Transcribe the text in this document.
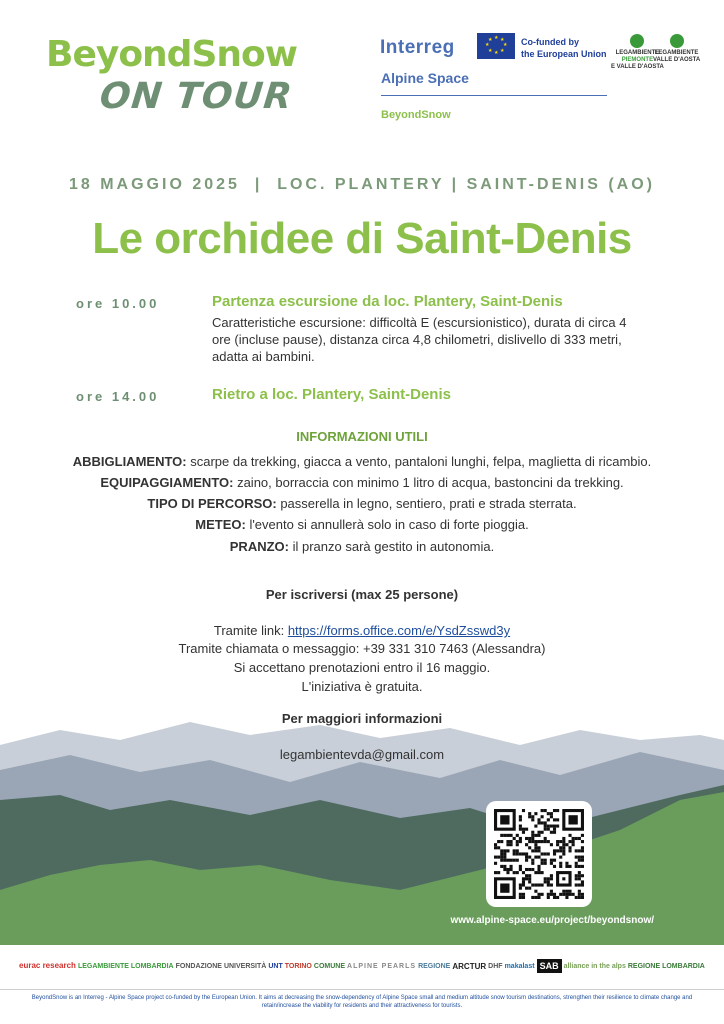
BeyondSnow
ON TOUR
Interreg	★ ★
★
★
★
★
★
★	Co-funded by
the European Union
Alpine Space
BeyondSnow
LEGAMBIENTE
PIEMONTE
E VALLE D'AOSTA
LEGAMBIENTE
VALLE D'AOSTA
18 MAGGIO 2025  |  LOC. PLANTERY | SAINT-DENIS (AO)
Le orchidee di Saint-Denis
ore 10.00	Partenza escursione da loc. Plantery, Saint-Denis
Caratteristiche escursione: difficoltà E (escursionistico), durata di circa 4 ore (incluse pause), distanza circa 4,8 chilometri, dislivello di 333 metri, adatta ai bambini.
ore 14.00	Rietro a loc. Plantery, Saint-Denis
INFORMAZIONI UTILI
ABBIGLIAMENTO: scarpe da trekking, giacca a vento, pantaloni lunghi, felpa, maglietta di ricambio.
EQUIPAGGIAMENTO: zaino, borraccia con minimo 1 litro di acqua, bastoncini da trekking.
TIPO DI PERCORSO: passerella in legno, sentiero, prati e strada sterrata.
METEO: l'evento si annullerà solo in caso di forte pioggia.
PRANZO: il pranzo sarà gestito in autonomia.
Per iscriversi (max 25 persone)
Tramite link: https://forms.office.com/e/YsdZsswd3y
Tramite chiamata o messaggio: +39 331 310 7463 (Alessandra)
Si accettano prenotazioni entro il 16 maggio.
L'iniziativa è gratuita.
Per maggiori informazioni
legambientevda@gmail.com
www.alpine-space.eu/project/beyondsnow/
eurac research LEGAMBIENTE LOMBARDIA FONDAZIONE UNIVERSITÀ UNT TORINO COMUNE ALPINE PEARLS REGIONE ARCTUR DHF makalast SAB alliance in the alps REGIONE LOMBARDIA
BeyondSnow is an Interreg - Alpine Space project co-funded by the European Union. It aims at decreasing the snow-dependency of Alpine Space small and medium altitude snow tourism destinations, strengthen their resilience to climate change and retain/increase the viability for residents and their attractiveness for tourists.
